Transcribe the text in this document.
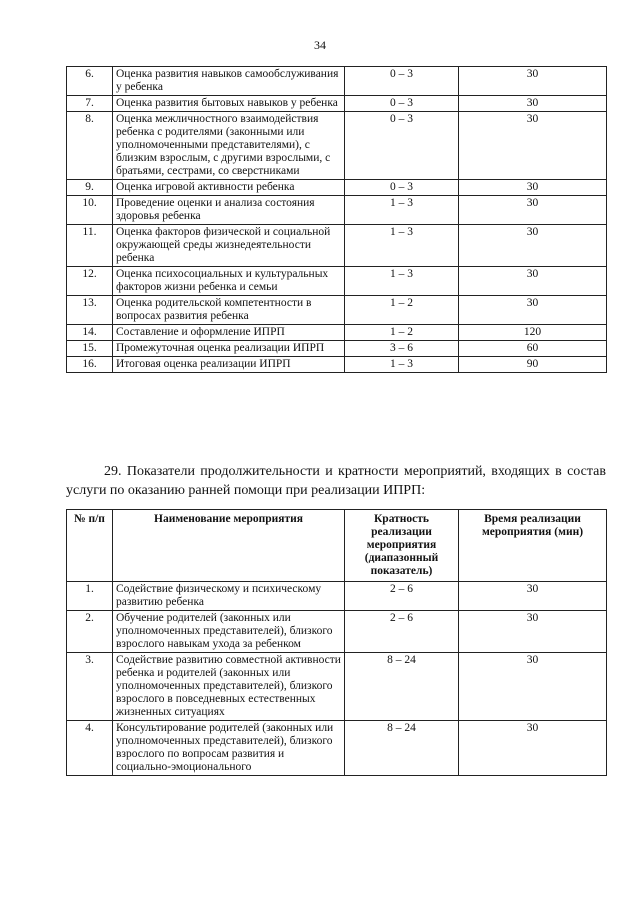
34
6.	Оценка развития навыков самообслуживания у ребенка	0 – 3	30
7.	Оценка развития бытовых навыков у ребенка	0 – 3	30
8.	Оценка межличностного взаимодействия ребенка с родителями (законными или уполномоченными представителями), с близким взрослым, с другими взрослыми, с братьями, сестрами, со сверстниками	0 – 3	30
9.	Оценка игровой активности ребенка	0 – 3	30
10.	Проведение оценки и анализа состояния здоровья ребенка	1 – 3	30
11.	Оценка факторов физической и социальной окружающей среды жизнедеятельности ребенка	1 – 3	30
12.	Оценка психосоциальных и культуральных факторов жизни ребенка и семьи	1 – 3	30
13.	Оценка родительской компетентности в вопросах развития ребенка	1 – 2	30
14.	Составление и оформление ИПРП	1 – 2	120
15.	Промежуточная оценка реализации ИПРП	3 – 6	60
16.	Итоговая оценка реализации ИПРП	1 – 3	90
29. Показатели продолжительности и кратности мероприятий, входящих в состав услуги по оказанию ранней помощи при реализации ИПРП:
№ п/п	Наименование мероприятия	Кратность реализации мероприятия (диапазонный показатель)	Время реализации мероприятия (мин)
1.	Содействие физическому и психическому развитию ребенка	2 – 6	30
2.	Обучение родителей (законных или уполномоченных представителей), близкого взрослого навыкам ухода за ребенком	2 – 6	30
3.	Содействие развитию совместной активности ребенка и родителей (законных или уполномоченных представителей), близкого взрослого в повседневных естественных жизненных ситуациях	8 – 24	30
4.	Консультирование родителей (законных или уполномоченных представителей), близкого взрослого по вопросам развития и социально-эмоционального	8 – 24	30
